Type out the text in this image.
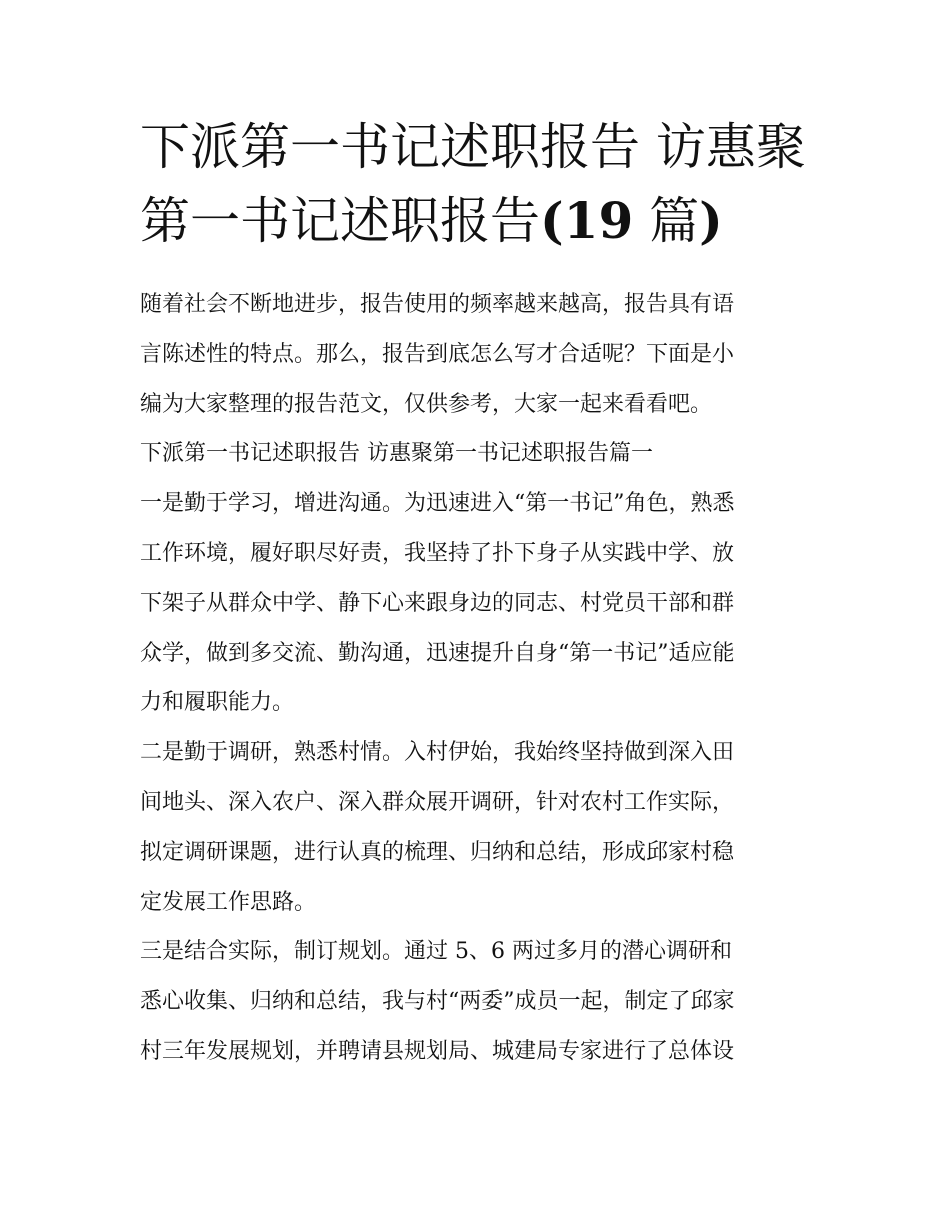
下派第一书记述职报告 访惠聚
第一书记述职报告(19 篇)
随着社会不断地进步，报告使用的频率越来越高，报告具有语
言陈述性的特点。那么，报告到底怎么写才合适呢？下面是小
编为大家整理的报告范文，仅供参考，大家一起来看看吧。
下派第一书记述职报告 访惠聚第一书记述职报告篇一
一是勤于学习，增进沟通。为迅速进入“第一书记”角色，熟悉
工作环境，履好职尽好责，我坚持了扑下身子从实践中学、放
下架子从群众中学、静下心来跟身边的同志、村党员干部和群
众学，做到多交流、勤沟通，迅速提升自身“第一书记”适应能
力和履职能力。
二是勤于调研，熟悉村情。入村伊始，我始终坚持做到深入田
间地头、深入农户、深入群众展开调研，针对农村工作实际，
拟定调研课题，进行认真的梳理、归纳和总结，形成邱家村稳
定发展工作思路。
三是结合实际，制订规划。通过 5、6 两过多月的潜心调研和
悉心收集、归纳和总结，我与村“两委”成员一起，制定了邱家
村三年发展规划，并聘请县规划局、城建局专家进行了总体设
